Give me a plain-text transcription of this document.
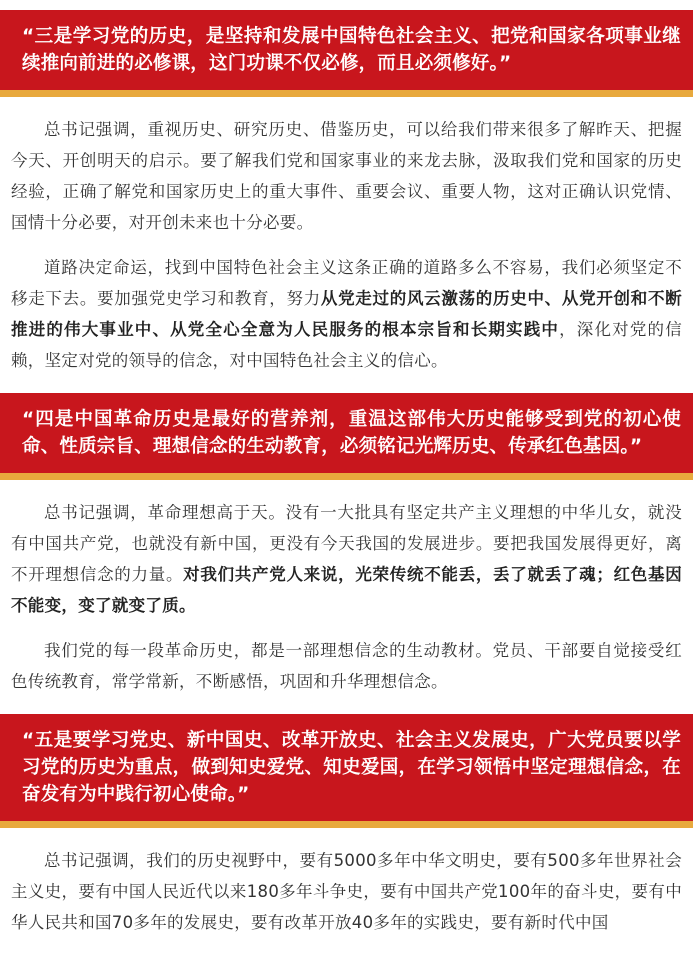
“三是学习党的历史，是坚持和发展中国特色社会主义、把党和国家各项事业继续推向前进的必修课，这门功课不仅必修，而且必须修好。”

总书记强调，重视历史、研究历史、借鉴历史，可以给我们带来很多了解昨天、把握今天、开创明天的启示。要了解我们党和国家事业的来龙去脉，汲取我们党和国家的历史经验，正确了解党和国家历史上的重大事件、重要会议、重要人物，这对正确认识党情、国情十分必要，对开创未来也十分必要。

道路决定命运，找到中国特色社会主义这条正确的道路多么不容易，我们必须坚定不移走下去。要加强党史学习和教育，努力从党走过的风云激荡的历史中、从党开创和不断推进的伟大事业中、从党全心全意为人民服务的根本宗旨和长期实践中，深化对党的信赖，坚定对党的领导的信念，对中国特色社会主义的信心。

“四是中国革命历史是最好的营养剂，重温这部伟大历史能够受到党的初心使命、性质宗旨、理想信念的生动教育，必须铭记光辉历史、传承红色基因。”

总书记强调，革命理想高于天。没有一大批具有坚定共产主义理想的中华儿女，就没有中国共产党，也就没有新中国，更没有今天我国的发展进步。要把我国发展得更好，离不开理想信念的力量。对我们共产党人来说，光荣传统不能丢，丢了就丢了魂；红色基因不能变，变了就变了质。

我们党的每一段革命历史，都是一部理想信念的生动教材。党员、干部要自觉接受红色传统教育，常学常新，不断感悟，巩固和升华理想信念。

“五是要学习党史、新中国史、改革开放史、社会主义发展史，广大党员要以学习党的历史为重点，做到知史爱党、知史爱国，在学习领悟中坚定理想信念，在奋发有为中践行初心使命。”

总书记强调，我们的历史视野中，要有5000多年中华文明史，要有500多年世界社会主义史，要有中国人民近代以来180多年斗争史，要有中国共产党100年的奋斗史，要有中华人民共和国70多年的发展史，要有改革开放40多年的实践史，要有新时代中国
